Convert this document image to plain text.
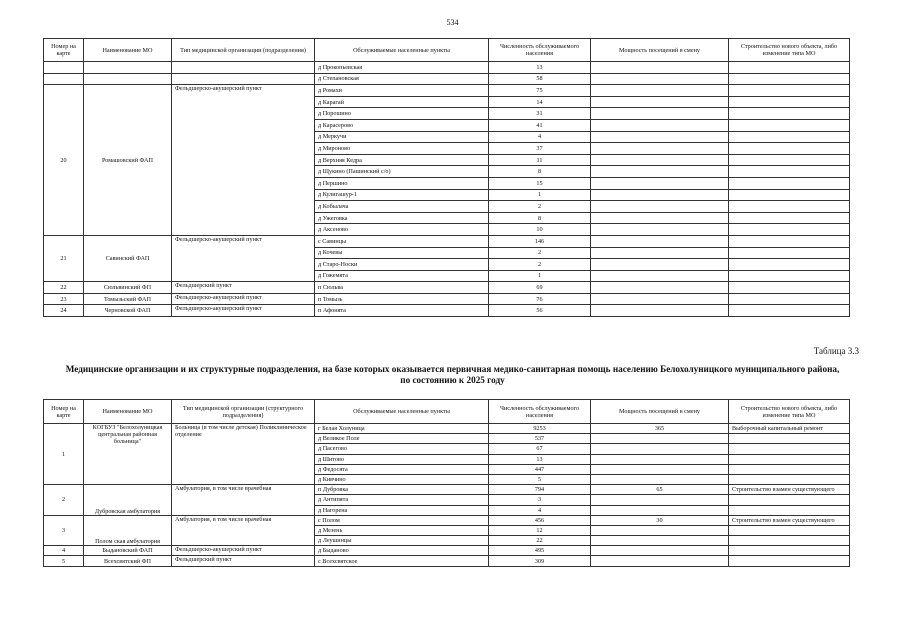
534
Номер на карте	Наименование МО	Тип медицинской организации (подразделения)	Обслуживаемые населенные пункты	Численность обслуживаемого населения	Мощность посещений в смену	Строительство нового объекта, либо изменение типа МО
			д Прокопьевская	13		
			д Степановская	58		
20	Ромашовский ФАП	Фельдшерско-акушерский пункт	д Ромахи	75		
			д Карагай	14		
			д Порошино	31		
			д Карасерово	41		
			д Меркучи	4		
			д Мироново	37		
			д Верхняя Кедра	11		
			д Щукино (Пашинский с/о)	8		
			д Першино	15		
			д Кулигашур-1	1		
			д Кобылача	2		
			д Ужеговка	8		
			д Аксеново	10		
21	Савинский ФАП	Фельдшерско-акушерский пункт	с Савинцы	146		
			д Кочевы	2		
			д Старо-Носки	2		
			д Гожемята	1		
22	Сюльвинский ФП	Фельдшерский пункт	п Сюльва	69		
23	Томызьский ФАП	Фельдшерско-акушерский пункт	п Томызь	76		
24	Черновской ФАП	Фельдшерско-акушерский пункт	п Афонята	56		
Таблица 3.3
Медицинские организации и их структурные подразделения, на базе которых оказывается первичная медико-санитарная помощь населению Белохолуницкого муниципального района, по состоянию к 2025 году
Номер на карте	Наименование МО	Тип медицинской организации (структурного подразделения)	Обслуживаемые населенные пункты	Численность обслуживаемого населения	Мощность посещений в смену	Строительство нового объекта, либо изменение типа МО
1	КОГБУЗ "Белохолуницкая центральная районная больница"	Больница (в том числе детская) Поликлиническое отделение	г Белая Холуница	9253	365	Выборочный капитальный ремонт
			д Великое Поле	537		
			д Пасегово	67		
			д Шитово	13		
			д Федосята	447		
			д Кивчино	5		
2	Дубровская амбулатория	Амбулатория, в том числе врачебная	п Дубровка	794	65	Строительство взамен существующего
			д Антипята	3		
			д Нагорена	4		
3	Полом ская амбулатория	Амбулатория, в том числе врачебная	с Полом	456	30	Строительство взамен существующего
			д Мезень	12		
			д Леушинцы	22		
4	Быдановский ФАП	Фельдшерско-акушерский пункт	д Быданово	495		
5	Всехсвятский ФП	Фельдшерский пункт	с Всехсвятское	309		
